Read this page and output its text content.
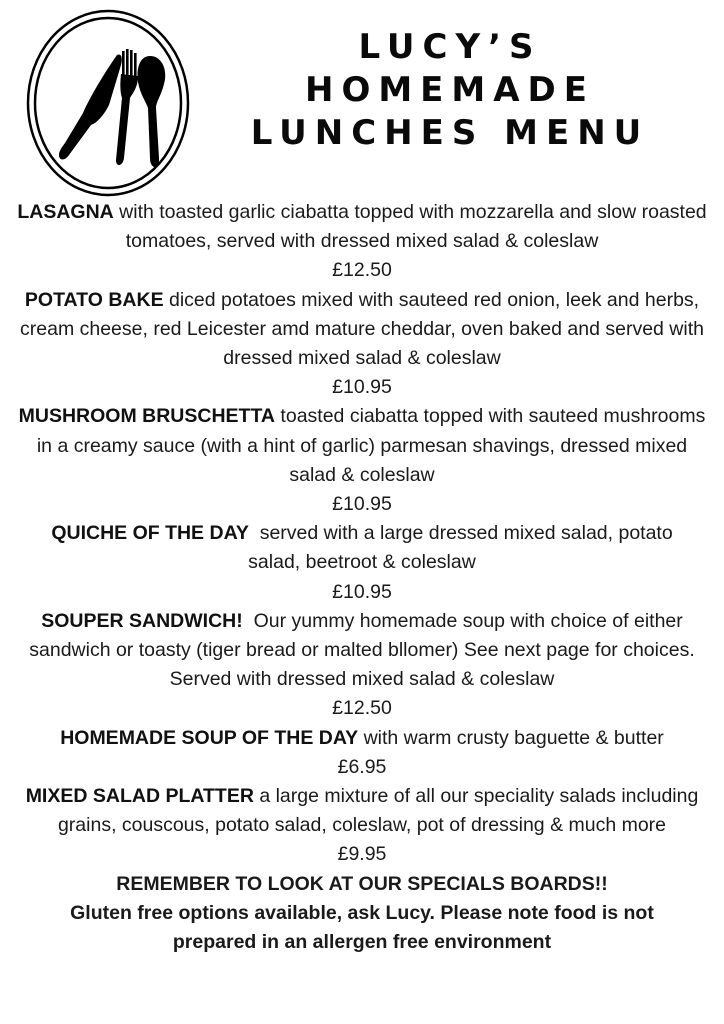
LUCY’S
HOMEMADE
LUNCHES MENU
LASAGNA with toasted garlic ciabatta topped with mozzarella and slow roasted tomatoes, served with dressed mixed salad & coleslaw
£12.50
POTATO BAKE diced potatoes mixed with sauteed red onion, leek and herbs, cream cheese, red Leicester amd mature cheddar, oven baked and served with dressed mixed salad & coleslaw
£10.95
MUSHROOM BRUSCHETTA toasted ciabatta topped with sauteed mushrooms in a creamy sauce (with a hint of garlic) parmesan shavings, dressed mixed salad & coleslaw
£10.95
QUICHE OF THE DAY  served with a large dressed mixed salad, potato salad, beetroot & coleslaw
£10.95
SOUPER SANDWICH!  Our yummy homemade soup with choice of either sandwich or toasty (tiger bread or malted bllomer) See next page for choices. Served with dressed mixed salad & coleslaw
£12.50
HOMEMADE SOUP OF THE DAY with warm crusty baguette & butter
£6.95
MIXED SALAD PLATTER a large mixture of all our speciality salads including grains, couscous, potato salad, coleslaw, pot of dressing & much more
£9.95
REMEMBER TO LOOK AT OUR SPECIALS BOARDS!!
Gluten free options available, ask Lucy. Please note food is not prepared in an allergen free environment
